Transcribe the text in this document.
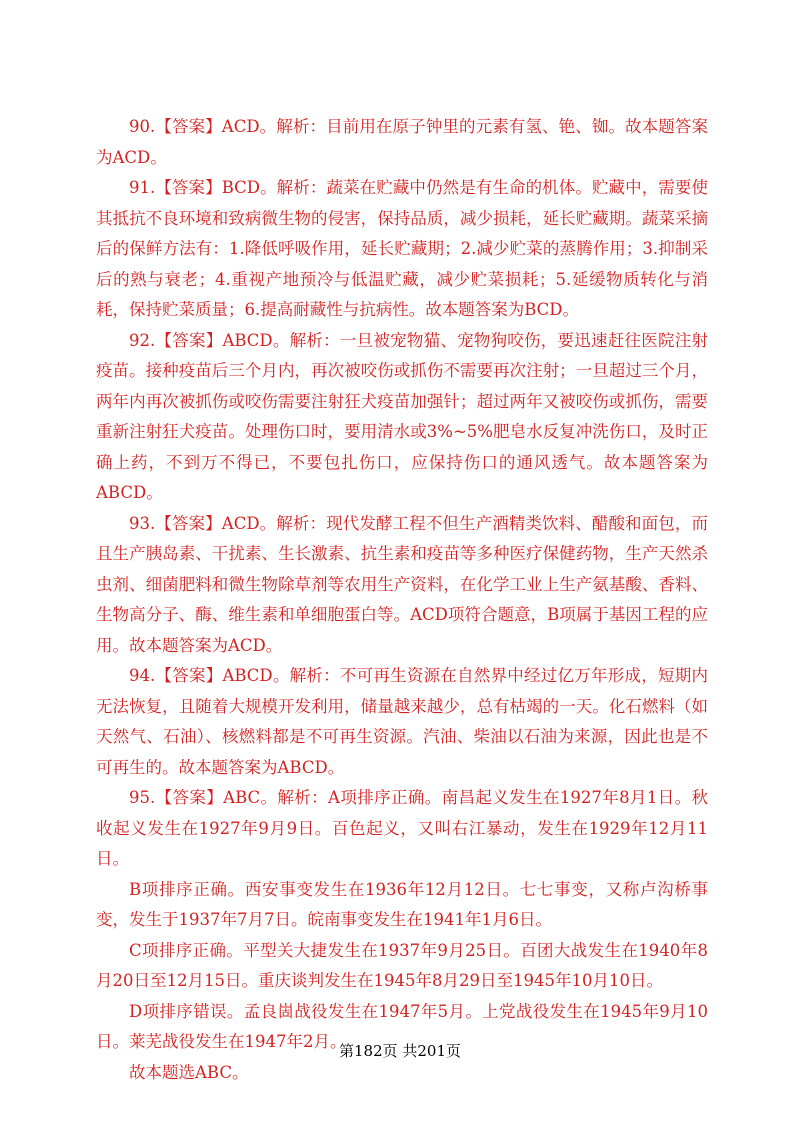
90.【答案】ACD。解析：目前用在原子钟里的元素有氢、铯、铷。故本题答案为ACD。

91.【答案】BCD。解析：蔬菜在贮藏中仍然是有生命的机体。贮藏中，需要使其抵抗不良环境和致病微生物的侵害，保持品质，减少损耗，延长贮藏期。蔬菜采摘后的保鲜方法有：1.降低呼吸作用，延长贮藏期；2.减少贮菜的蒸腾作用；3.抑制采后的熟与衰老；4.重视产地预冷与低温贮藏，减少贮菜损耗；5.延缓物质转化与消耗，保持贮菜质量；6.提高耐藏性与抗病性。故本题答案为BCD。

92.【答案】ABCD。解析：一旦被宠物猫、宠物狗咬伤，要迅速赶往医院注射疫苗。接种疫苗后三个月内，再次被咬伤或抓伤不需要再次注射；一旦超过三个月，两年内再次被抓伤或咬伤需要注射狂犬疫苗加强针；超过两年又被咬伤或抓伤，需要重新注射狂犬疫苗。处理伤口时，要用清水或3%~5%肥皂水反复冲洗伤口，及时正确上药，不到万不得已，不要包扎伤口，应保持伤口的通风透气。故本题答案为ABCD。

93.【答案】ACD。解析：现代发酵工程不但生产酒精类饮料、醋酸和面包，而且生产胰岛素、干扰素、生长激素、抗生素和疫苗等多种医疗保健药物，生产天然杀虫剂、细菌肥料和微生物除草剂等农用生产资料，在化学工业上生产氨基酸、香料、生物高分子、酶、维生素和单细胞蛋白等。ACD项符合题意，B项属于基因工程的应用。故本题答案为ACD。

94.【答案】ABCD。解析：不可再生资源在自然界中经过亿万年形成，短期内无法恢复，且随着大规模开发利用，储量越来越少，总有枯竭的一天。化石燃料（如天然气、石油）、核燃料都是不可再生资源。汽油、柴油以石油为来源，因此也是不可再生的。故本题答案为ABCD。

95.【答案】ABC。解析：A项排序正确。南昌起义发生在1927年8月1日。秋收起义发生在1927年9月9日。百色起义，又叫右江暴动，发生在1929年12月11日。

B项排序正确。西安事变发生在1936年12月12日。七七事变，又称卢沟桥事变，发生于1937年7月7日。皖南事变发生在1941年1月6日。

C项排序正确。平型关大捷发生在1937年9月25日。百团大战发生在1940年8月20日至12月15日。重庆谈判发生在1945年8月29日至1945年10月10日。

D项排序错误。孟良崮战役发生在1947年5月。上党战役发生在1945年9月10日。莱芜战役发生在1947年2月。

故本题选ABC。

第182页 共201页
